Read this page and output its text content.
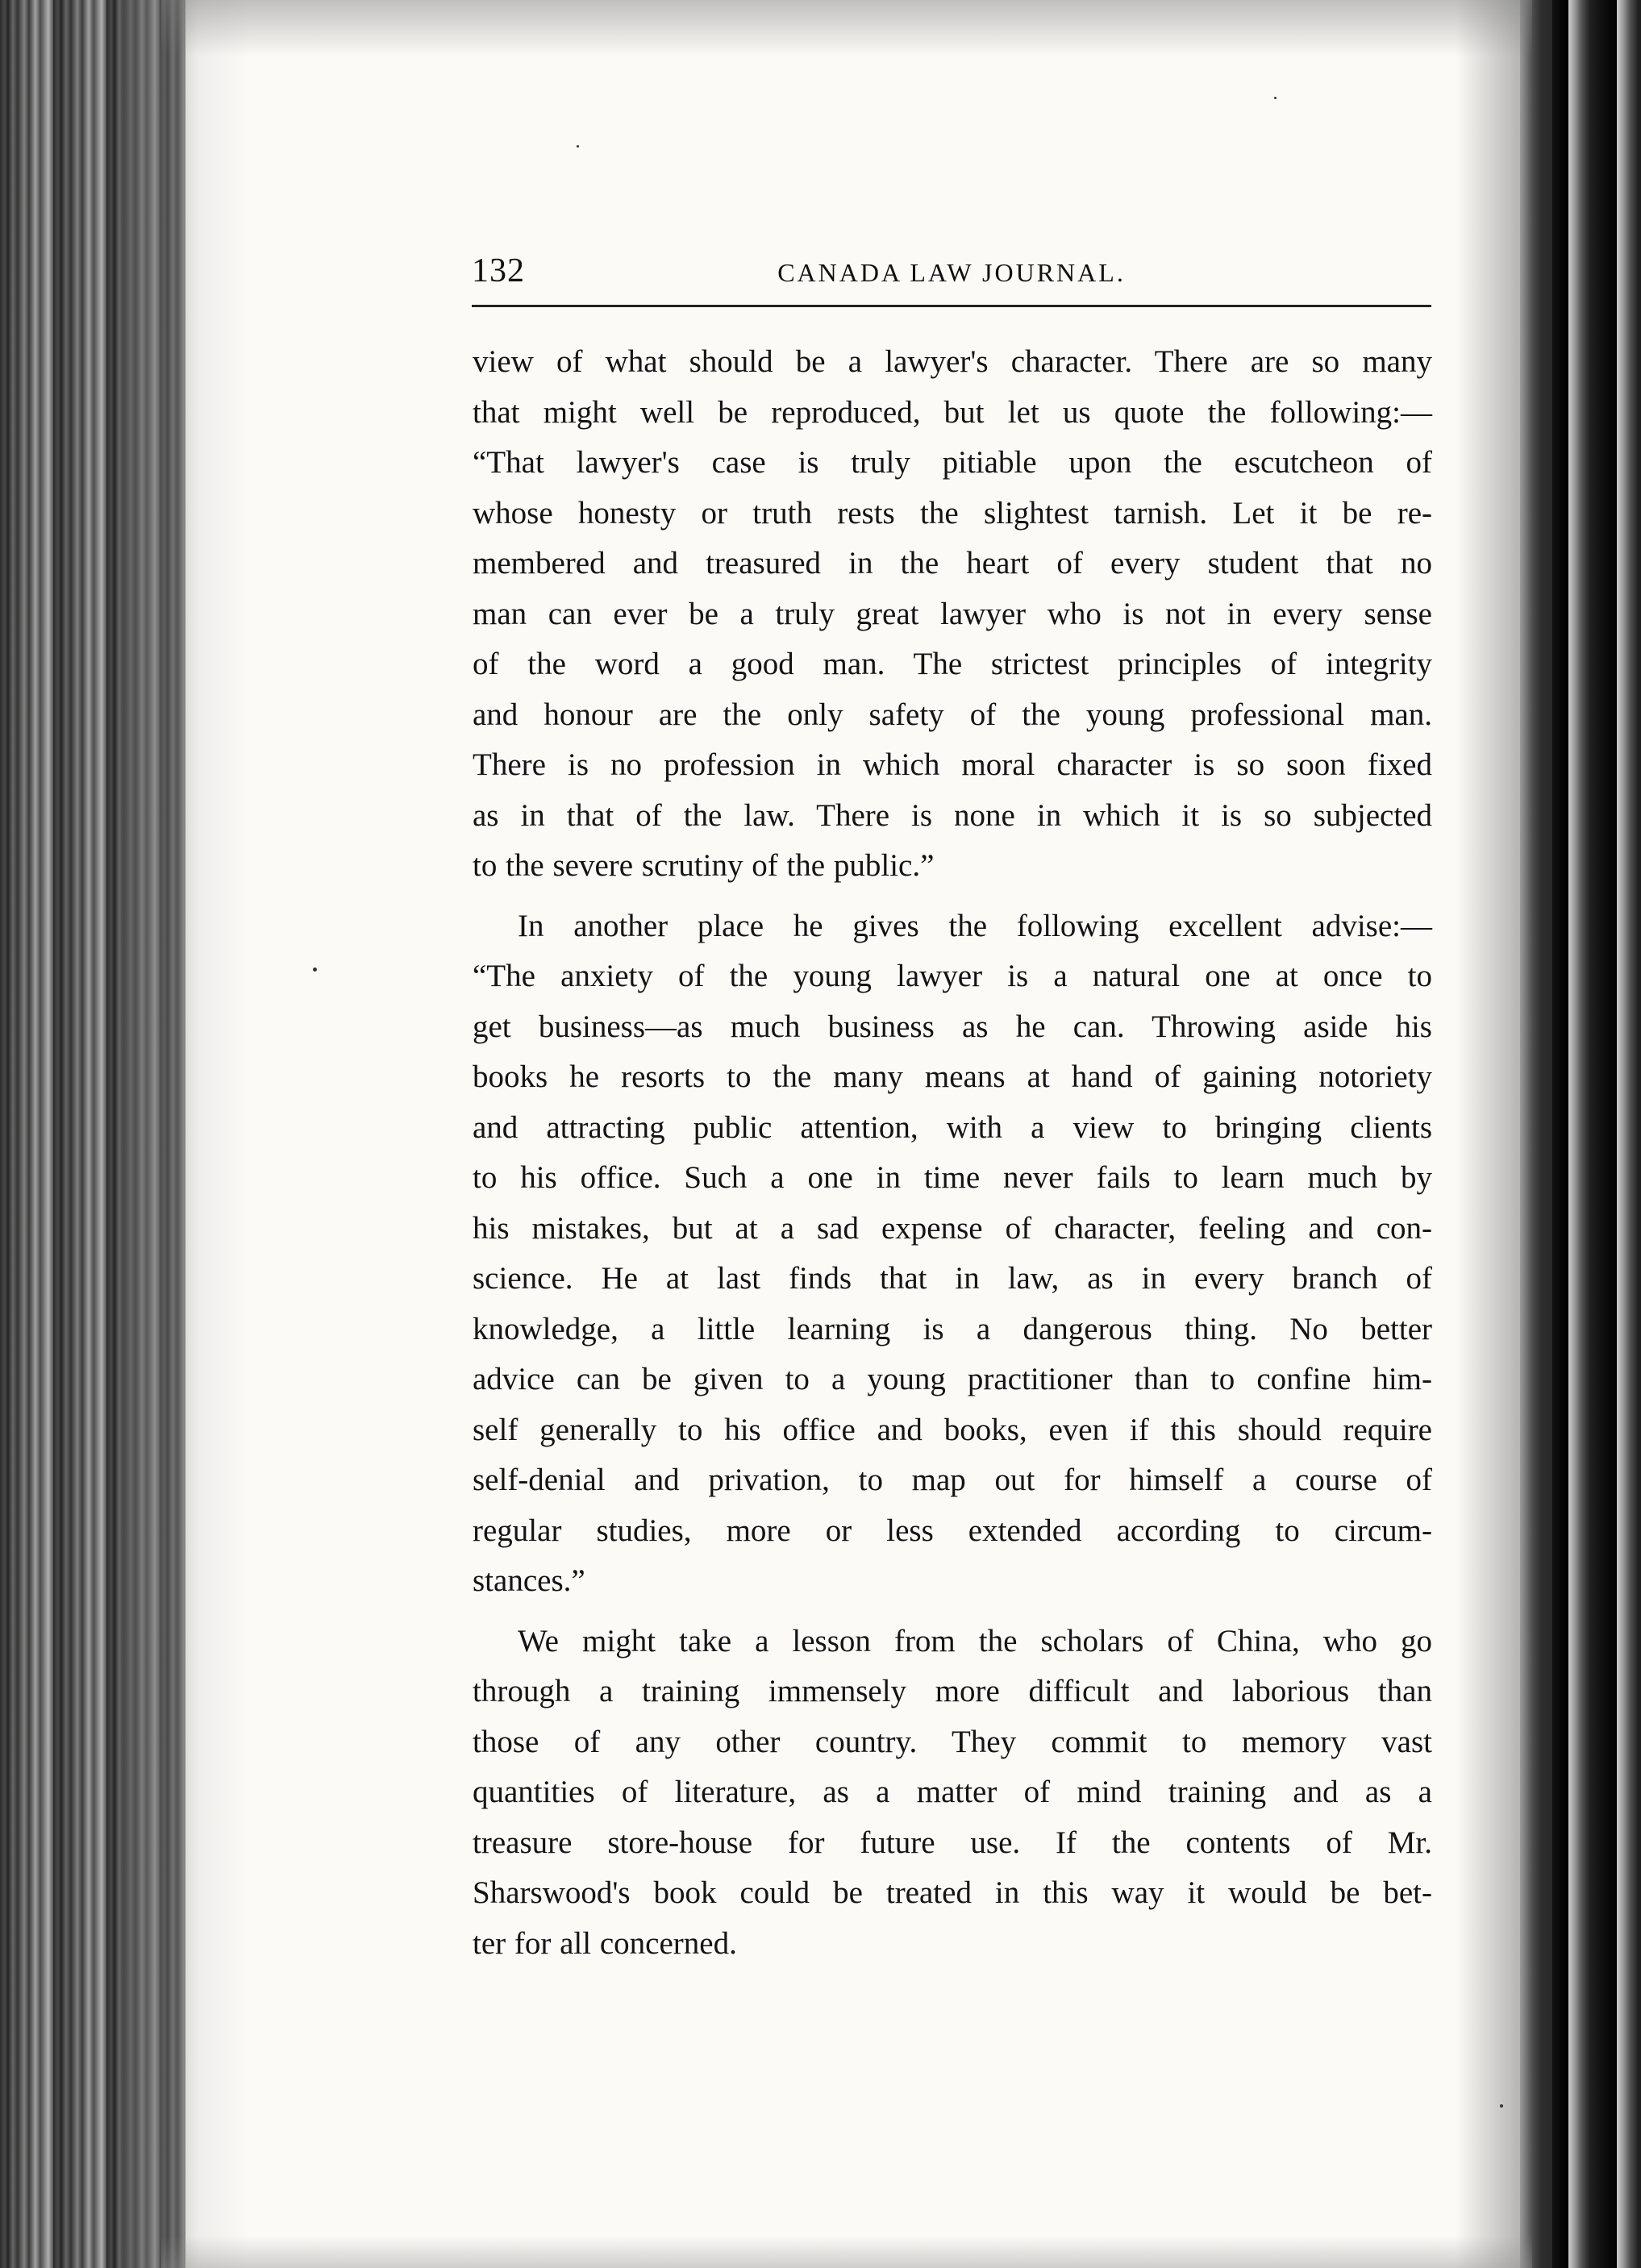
132	CANADA LAW JOURNAL.

view of what should be a lawyer's character. There are so many
that might well be reproduced, but let us quote the following:—
“That lawyer's case is truly pitiable upon the escutcheon of
whose honesty or truth rests the slightest tarnish. Let it be re-
membered and treasured in the heart of every student that no
man can ever be a truly great lawyer who is not in every sense
of the word a good man. The strictest principles of integrity
and honour are the only safety of the young professional man.
There is no profession in which moral character is so soon fixed
as in that of the law. There is none in which it is so subjected
to the severe scrutiny of the public.”

In another place he gives the following excellent advise:—
“The anxiety of the young lawyer is a natural one at once to
get business—as much business as he can. Throwing aside his
books he resorts to the many means at hand of gaining notoriety
and attracting public attention, with a view to bringing clients
to his office. Such a one in time never fails to learn much by
his mistakes, but at a sad expense of character, feeling and con-
science. He at last finds that in law, as in every branch of
knowledge, a little learning is a dangerous thing. No better
advice can be given to a young practitioner than to confine him-
self generally to his office and books, even if this should require
self-denial and privation, to map out for himself a course of
regular studies, more or less extended according to circum-
stances.”

We might take a lesson from the scholars of China, who go
through a training immensely more difficult and laborious than
those of any other country. They commit to memory vast
quantities of literature, as a matter of mind training and as a
treasure store-house for future use. If the contents of Mr.
Sharswood's book could be treated in this way it would be bet-
ter for all concerned.
